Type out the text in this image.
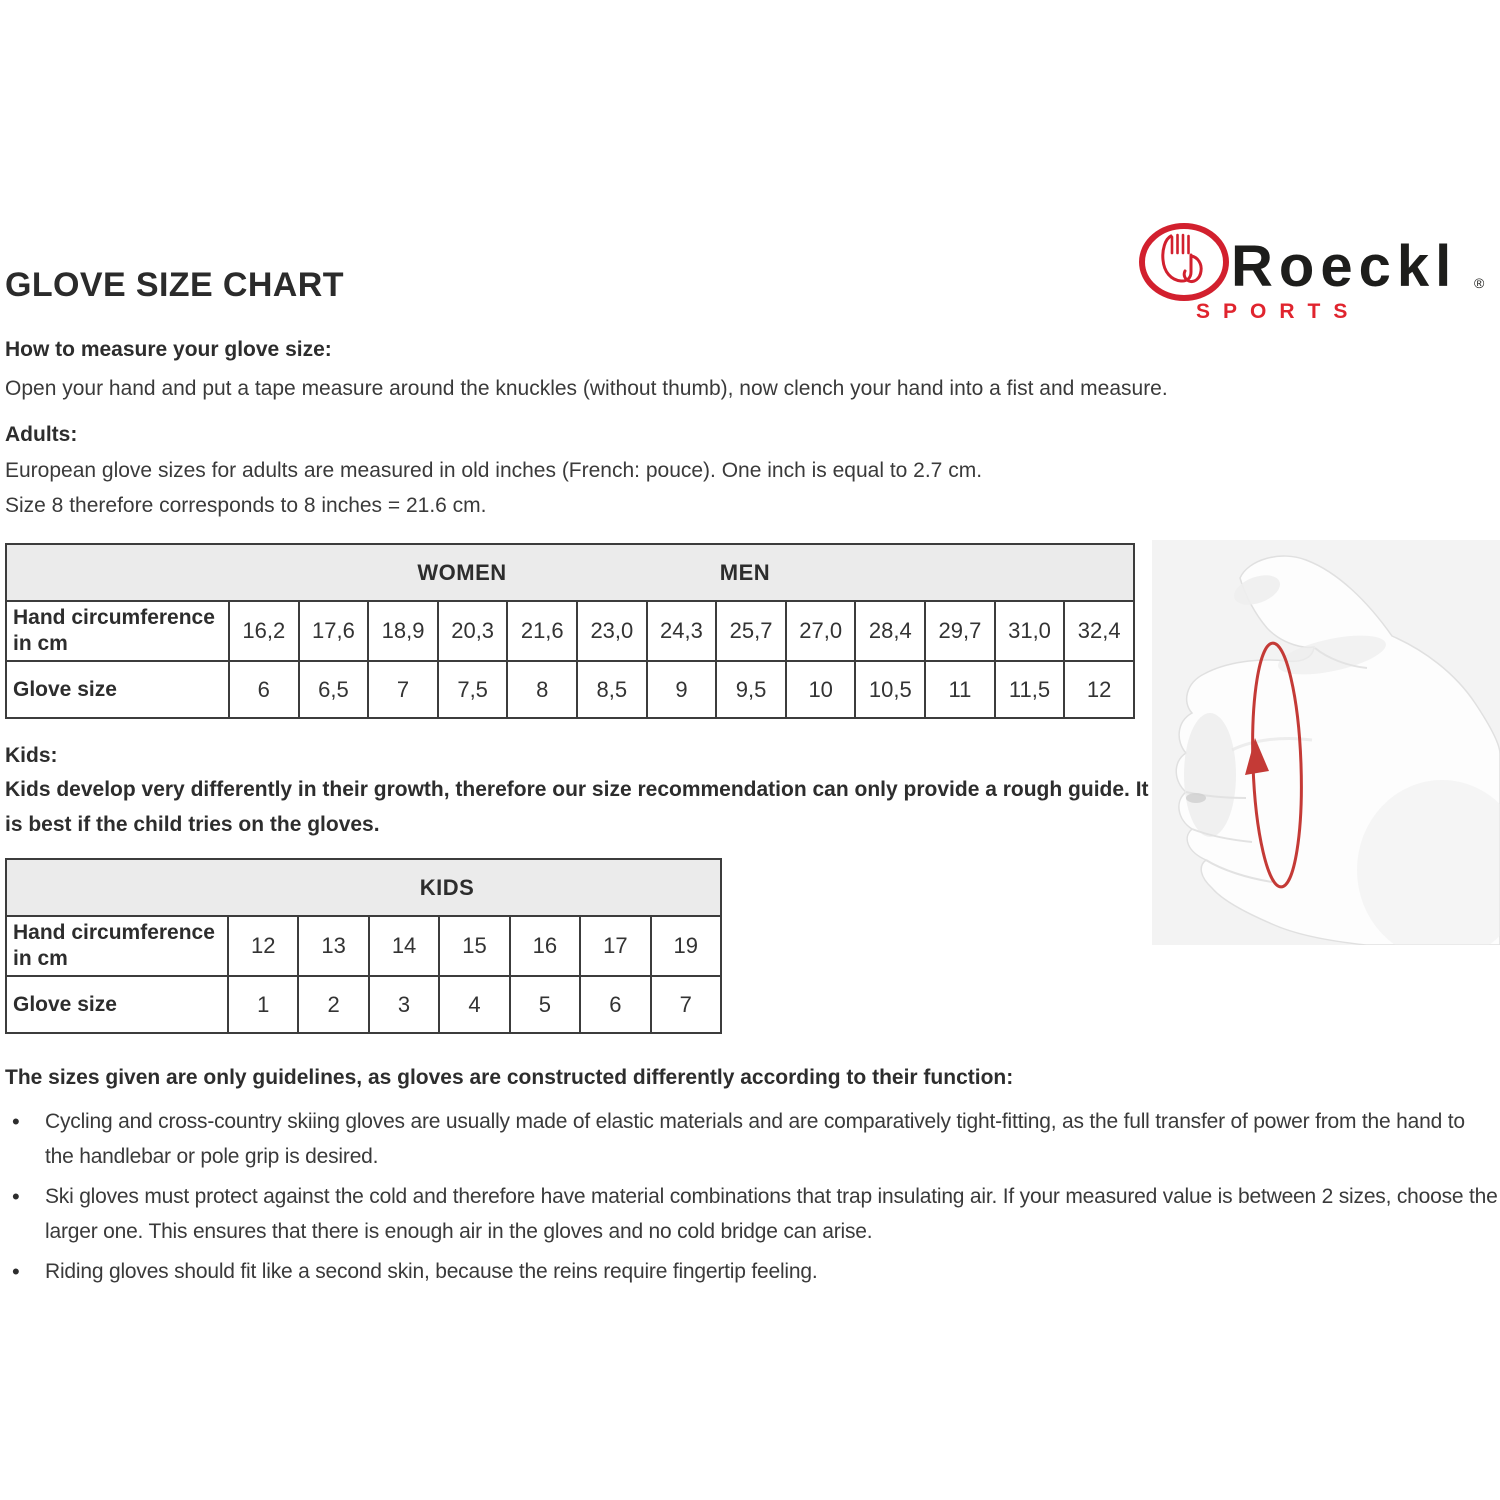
GLOVE SIZE CHART	Roeckl ®
SPORTS
How to measure your glove size:
Open your hand and put a tape measure around the knuckles (without thumb), now clench your hand into a fist and measure.
Adults:
European glove sizes for adults are measured in old inches (French: pouce). One inch is equal to 2.7 cm.
Size 8 therefore corresponds to 8 inches = 21.6 cm.
WOMEN MEN													

Hand circumference in cm	16,2	17,6	18,9	20,3	21,6	23,0	24,3	25,7	27,0	28,4	29,7	31,0	32,4
Glove size	6	6,5	7	7,5	8	8,5	9	9,5	10	10,5	11	11,5	12
Kids:
Kids develop very differently in their growth, therefore our size recommendation can only provide a rough guide. It is best if the child tries on the gloves.
KIDS							

Hand circumference in cm	12	13	14	15	16	17	19
Glove size	1	2	3	4	5	6	7
The sizes given are only guidelines, as gloves are constructed differently according to their function:
•	Cycling and cross-country skiing gloves are usually made of elastic materials and are comparatively tight-fitting, as the full transfer of power from the hand to the handlebar or pole grip is desired.
•	Ski gloves must protect against the cold and therefore have material combinations that trap insulating air. If your measured value is between 2 sizes, choose the larger one. This ensures that there is enough air in the gloves and no cold bridge can arise.
•	Riding gloves should fit like a second skin, because the reins require fingertip feeling.
